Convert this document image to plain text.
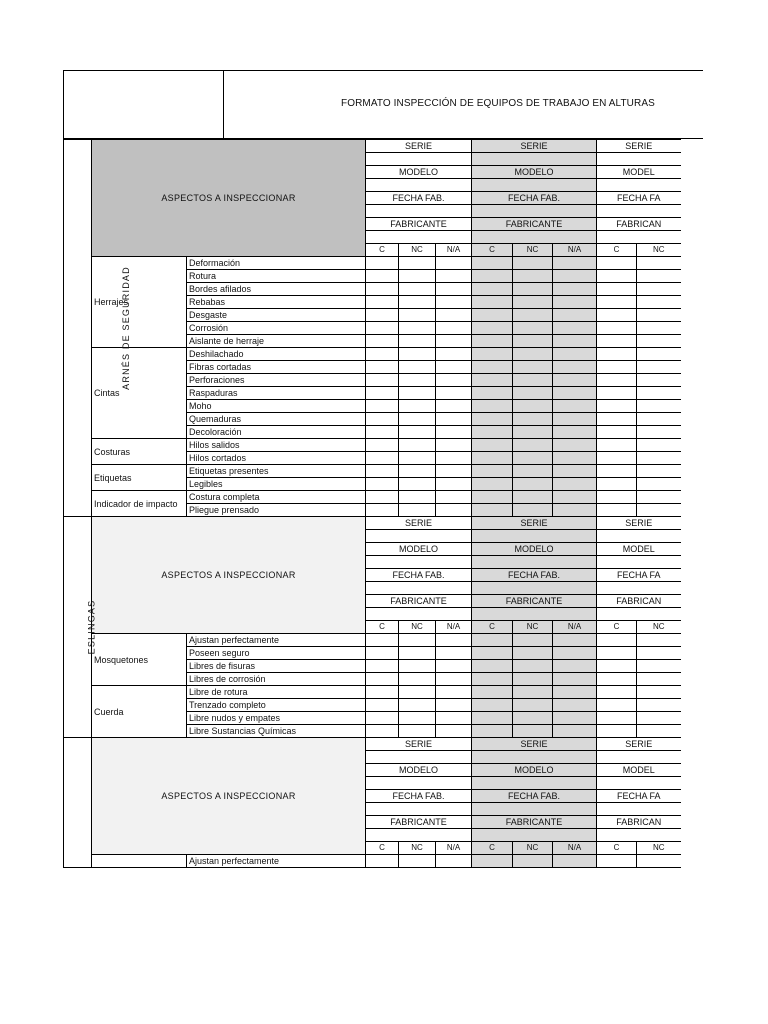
FORMATO INSPECCIÓN DE EQUIPOS DE TRABAJO EN ALTURAS
ARNÉS DE SEGURIDAD	ASPECTOS A INSPECCIONAR		SERIE			SERIE			SERIE	

			MODELO			MODELO			MODEL	

			FECHA FAB.			FECHA FAB.			FECHA FA	

			FABRICANTE			FABRICANTE			FABRICAN	

			C	NC	N/A	C	NC	N/A	C	NC
	Herrajes	Deformación								
		Rotura								
		Bordes afilados								
		Rebabas								
		Desgaste								
		Corrosión								
		Aislante de herraje								
	Cintas	Deshilachado								
		Fibras cortadas								
		Perforaciones								
		Raspaduras								
		Moho								
		Quemaduras								
		Decoloración								
	Costuras	Hilos salidos								
		Hilos cortados								
	Etiquetas	Etiquetas presentes								
		Legibles								
	Indicador de impacto	Costura completa								
		Pliegue prensado								
ESLINGAS	ASPECTOS A INSPECCIONAR		SERIE			SERIE			SERIE	

			MODELO			MODELO			MODEL	

			FECHA FAB.			FECHA FAB.			FECHA FA	

			FABRICANTE			FABRICANTE			FABRICAN	

			C	NC	N/A	C	NC	N/A	C	NC
	Mosquetones	Ajustan perfectamente								
		Poseen seguro								
		Libres de fisuras								
		Libres de corrosión								
	Cuerda	Libre de rotura								
		Trenzado completo								
		Libre nudos y empates								
		Libre Sustancias Químicas								
	ASPECTOS A INSPECCIONAR		SERIE			SERIE			SERIE	

			MODELO			MODELO			MODEL	

			FECHA FAB.			FECHA FAB.			FECHA FA	

			FABRICANTE			FABRICANTE			FABRICAN	

			C	NC	N/A	C	NC	N/A	C	NC
		Ajustan perfectamente								
